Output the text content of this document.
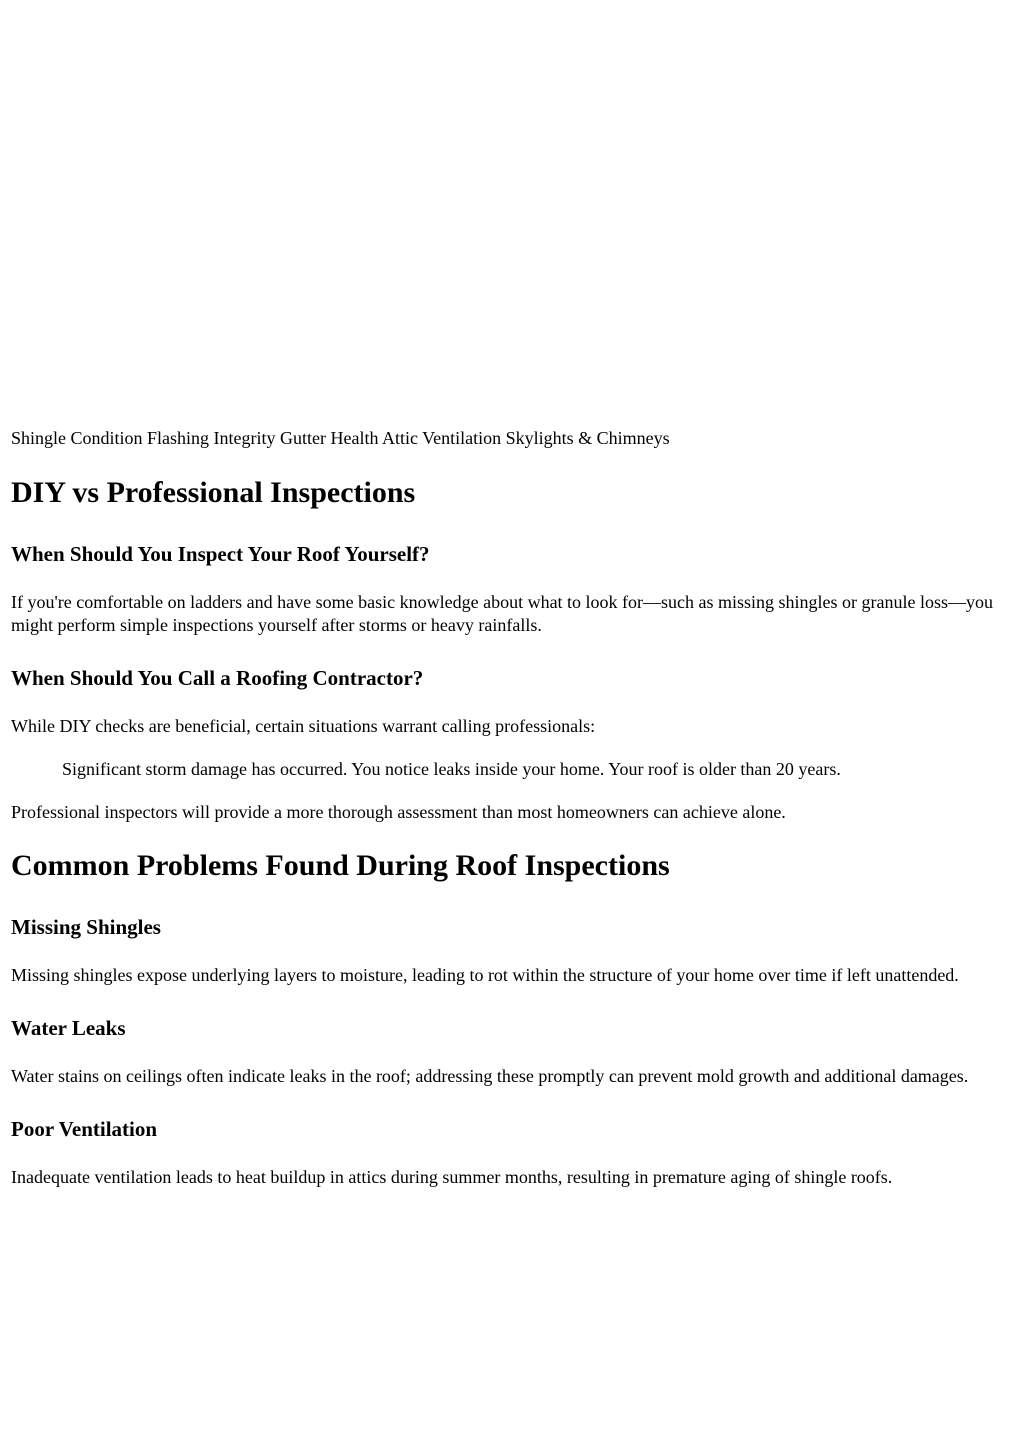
Shingle Condition Flashing Integrity Gutter Health Attic Ventilation Skylights & Chimneys

DIY vs Professional Inspections
When Should You Inspect Your Roof Yourself?

If you're comfortable on ladders and have some basic knowledge about what to look for—such as missing shingles or granule loss—you might perform simple inspections yourself after storms or heavy rainfalls.

When Should You Call a Roofing Contractor?

While DIY checks are beneficial, certain situations warrant calling professionals:

Significant storm damage has occurred. You notice leaks inside your home. Your roof is older than 20 years.

Professional inspectors will provide a more thorough assessment than most homeowners can achieve alone.

Common Problems Found During Roof Inspections
Missing Shingles

Missing shingles expose underlying layers to moisture, leading to rot within the structure of your home over time if left unattended.

Water Leaks

Water stains on ceilings often indicate leaks in the roof; addressing these promptly can prevent mold growth and additional damages.

Poor Ventilation

Inadequate ventilation leads to heat buildup in attics during summer months, resulting in premature aging of shingle roofs.
